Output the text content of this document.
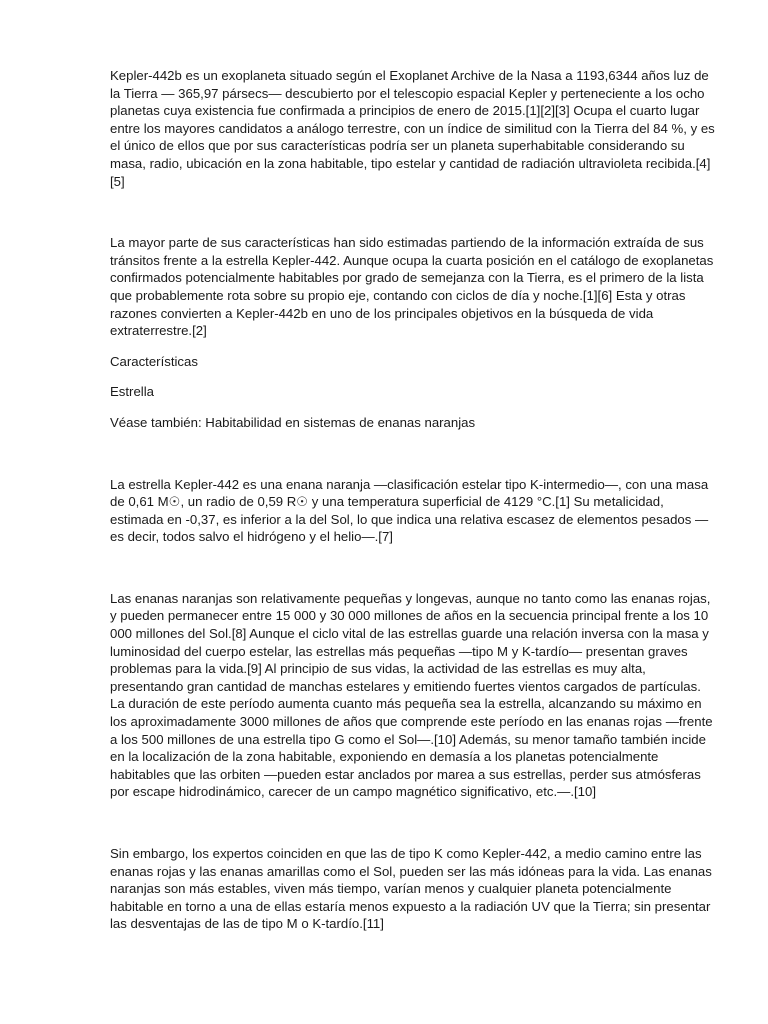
Kepler-442b es un exoplaneta situado según el Exoplanet Archive de la Nasa a 1193,6344 años luz de la Tierra — 365,97 pársecs— descubierto por el telescopio espacial Kepler y perteneciente a los ocho planetas cuya existencia fue confirmada a principios de enero de 2015.[1][2][3] Ocupa el cuarto lugar entre los mayores candidatos a análogo terrestre, con un índice de similitud con la Tierra del 84 %, y es el único de ellos que por sus características podría ser un planeta superhabitable considerando su masa, radio, ubicación en la zona habitable, tipo estelar y cantidad de radiación ultravioleta recibida.[4][5]

La mayor parte de sus características han sido estimadas partiendo de la información extraída de sus tránsitos frente a la estrella Kepler-442. Aunque ocupa la cuarta posición en el catálogo de exoplanetas confirmados potencialmente habitables por grado de semejanza con la Tierra, es el primero de la lista que probablemente rota sobre su propio eje, contando con ciclos de día y noche.[1][6] Esta y otras razones convierten a Kepler-442b en uno de los principales objetivos en la búsqueda de vida extraterrestre.[2]

Características

Estrella

Véase también: Habitabilidad en sistemas de enanas naranjas

La estrella Kepler-442 es una enana naranja —clasificación estelar tipo K-intermedio—, con una masa de 0,61 M☉, un radio de 0,59 R☉ y una temperatura superficial de 4129 °C.[1] Su metalicidad, estimada en -0,37, es inferior a la del Sol, lo que indica una relativa escasez de elementos pesados —es decir, todos salvo el hidrógeno y el helio—.[7]

Las enanas naranjas son relativamente pequeñas y longevas, aunque no tanto como las enanas rojas, y pueden permanecer entre 15 000 y 30 000 millones de años en la secuencia principal frente a los 10 000 millones del Sol.[8] Aunque el ciclo vital de las estrellas guarde una relación inversa con la masa y luminosidad del cuerpo estelar, las estrellas más pequeñas —tipo M y K-tardío— presentan graves problemas para la vida.[9] Al principio de sus vidas, la actividad de las estrellas es muy alta, presentando gran cantidad de manchas estelares y emitiendo fuertes vientos cargados de partículas. La duración de este período aumenta cuanto más pequeña sea la estrella, alcanzando su máximo en los aproximadamente 3000 millones de años que comprende este período en las enanas rojas —frente a los 500 millones de una estrella tipo G como el Sol—.[10] Además, su menor tamaño también incide en la localización de la zona habitable, exponiendo en demasía a los planetas potencialmente habitables que las orbiten —pueden estar anclados por marea a sus estrellas, perder sus atmósferas por escape hidrodinámico, carecer de un campo magnético significativo, etc.—.[10]

Sin embargo, los expertos coinciden en que las de tipo K como Kepler-442, a medio camino entre las enanas rojas y las enanas amarillas como el Sol, pueden ser las más idóneas para la vida. Las enanas naranjas son más estables, viven más tiempo, varían menos y cualquier planeta potencialmente habitable en torno a una de ellas estaría menos expuesto a la radiación UV que la Tierra; sin presentar las desventajas de las de tipo M o K-tardío.[11]
